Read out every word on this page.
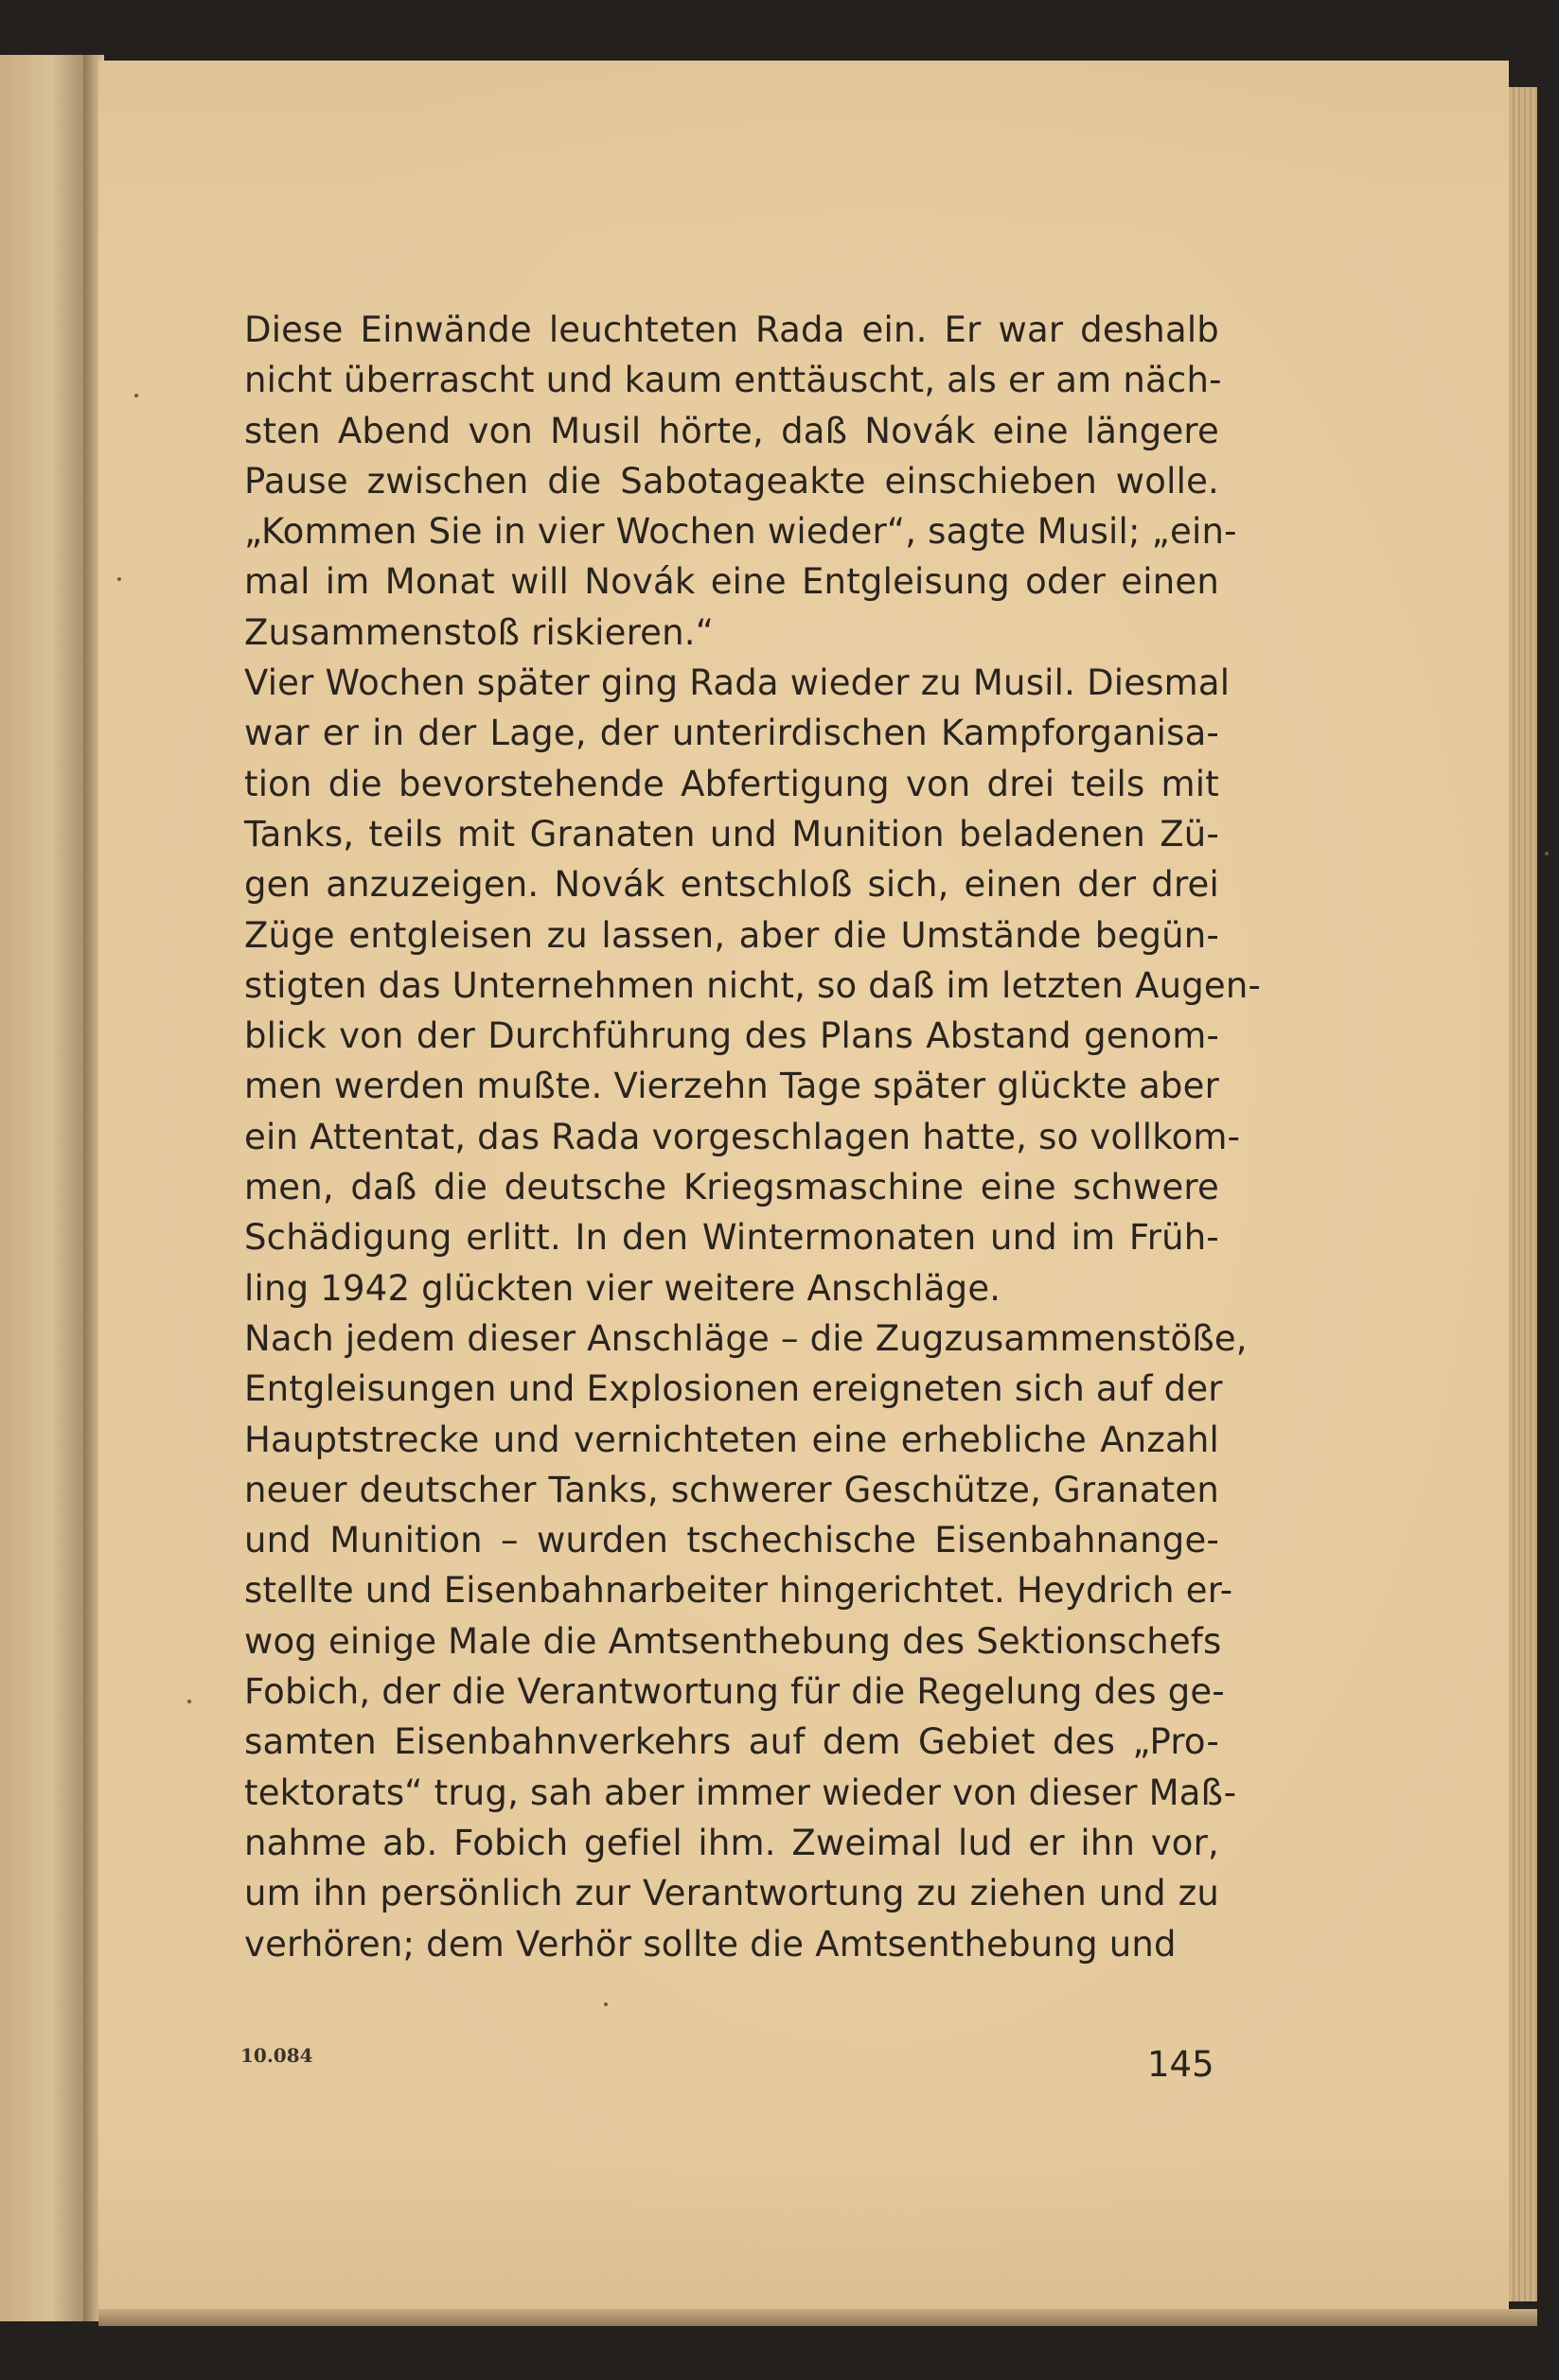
Diese Einwände leuchteten Rada ein. Er war deshalb
nicht überrascht und kaum enttäuscht, als er am näch-
sten Abend von Musil hörte, daß Novák eine längere
Pause zwischen die Sabotageakte einschieben wolle.
„Kommen Sie in vier Wochen wieder“, sagte Musil; „ein-
mal im Monat will Novák eine Entgleisung oder einen
Zusammenstoß riskieren.“
Vier Wochen später ging Rada wieder zu Musil. Diesmal
war er in der Lage, der unterirdischen Kampforganisa-
tion die bevorstehende Abfertigung von drei teils mit
Tanks, teils mit Granaten und Munition beladenen Zü-
gen anzuzeigen. Novák entschloß sich, einen der drei
Züge entgleisen zu lassen, aber die Umstände begün-
stigten das Unternehmen nicht, so daß im letzten Augen-
blick von der Durchführung des Plans Abstand genom-
men werden mußte. Vierzehn Tage später glückte aber
ein Attentat, das Rada vorgeschlagen hatte, so vollkom-
men, daß die deutsche Kriegsmaschine eine schwere
Schädigung erlitt. In den Wintermonaten und im Früh-
ling 1942 glückten vier weitere Anschläge.
Nach jedem dieser Anschläge – die Zugzusammenstöße,
Entgleisungen und Explosionen ereigneten sich auf der
Hauptstrecke und vernichteten eine erhebliche Anzahl
neuer deutscher Tanks, schwerer Geschütze, Granaten
und Munition – wurden tschechische Eisenbahnange-
stellte und Eisenbahnarbeiter hingerichtet. Heydrich er-
wog einige Male die Amtsenthebung des Sektionschefs
Fobich, der die Verantwortung für die Regelung des ge-
samten Eisenbahnverkehrs auf dem Gebiet des „Pro-
tektorats“ trug, sah aber immer wieder von dieser Maß-
nahme ab. Fobich gefiel ihm. Zweimal lud er ihn vor,
um ihn persönlich zur Verantwortung zu ziehen und zu
verhören; dem Verhör sollte die Amtsenthebung und
10.084	145
